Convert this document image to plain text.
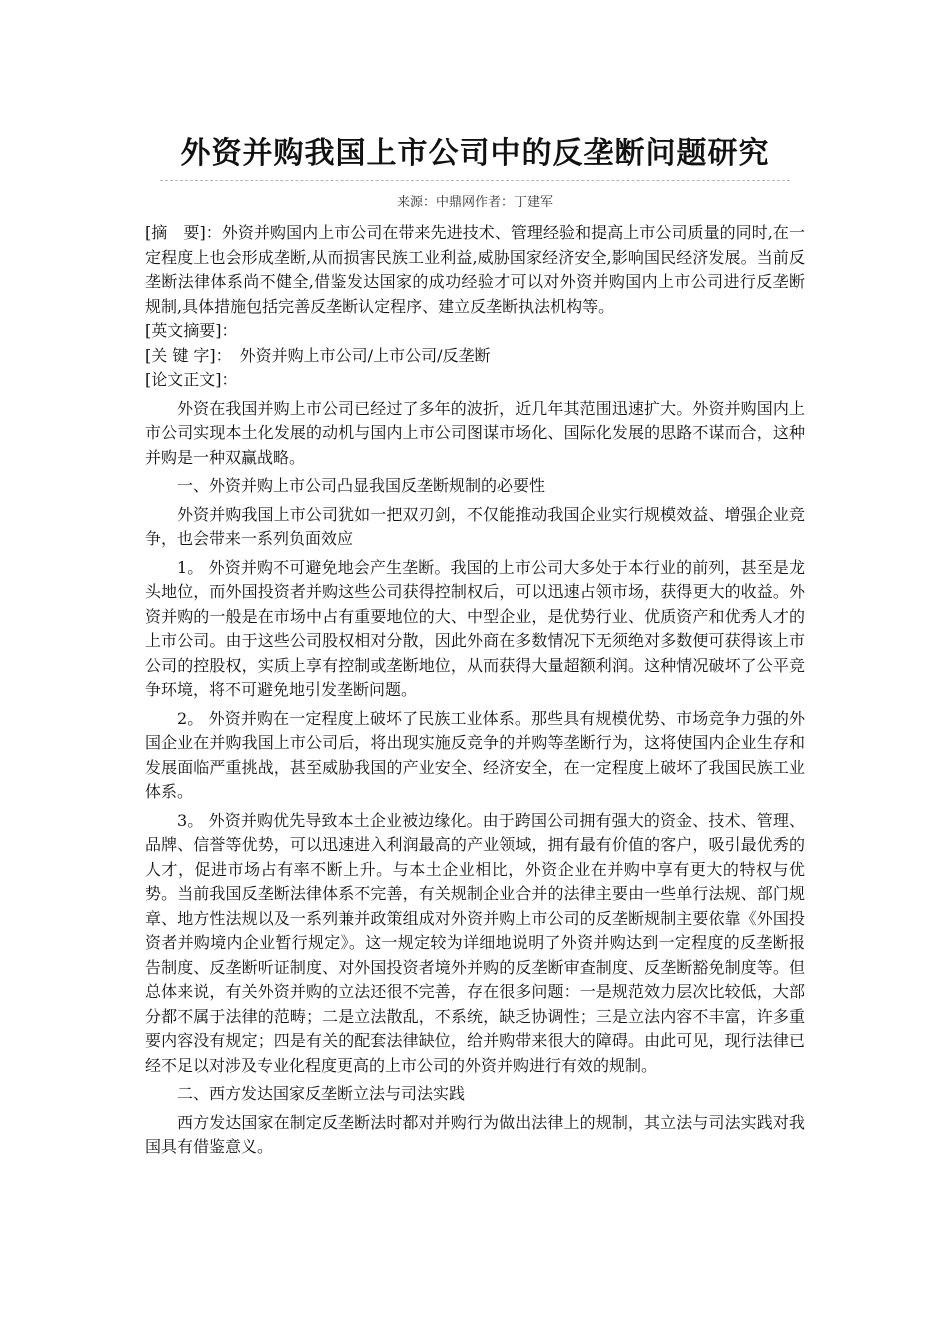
外资并购我国上市公司中的反垄断问题研究
来源：中鼎网作者：丁建军

[摘　要]：外资并购国内上市公司在带来先进技术、管理经验和提高上市公司质量的同时,在一定程度上也会形成垄断,从而损害民族工业利益,威胁国家经济安全,影响国民经济发展。当前反垄断法律体系尚不健全,借鉴发达国家的成功经验才可以对外资并购国内上市公司进行反垄断规制,具体措施包括完善反垄断认定程序、建立反垄断执法机构等。

[英文摘要]：

[关 键 字]：　外资并购上市公司/上市公司/反垄断

[论文正文]：

外资在我国并购上市公司已经过了多年的波折，近几年其范围迅速扩大。外资并购国内上市公司实现本土化发展的动机与国内上市公司图谋市场化、国际化发展的思路不谋而合，这种并购是一种双赢战略。

一、外资并购上市公司凸显我国反垄断规制的必要性

外资并购我国上市公司犹如一把双刃剑，不仅能推动我国企业实行规模效益、增强企业竞争，也会带来一系列负面效应

1。 外资并购不可避免地会产生垄断。我国的上市公司大多处于本行业的前列，甚至是龙头地位，而外国投资者并购这些公司获得控制权后，可以迅速占领市场，获得更大的收益。外资并购的一般是在市场中占有重要地位的大、中型企业，是优势行业、优质资产和优秀人才的上市公司。由于这些公司股权相对分散，因此外商在多数情况下无须绝对多数便可获得该上市公司的控股权，实质上享有控制或垄断地位，从而获得大量超额利润。这种情况破坏了公平竞争环境，将不可避免地引发垄断问题。

2。 外资并购在一定程度上破坏了民族工业体系。那些具有规模优势、市场竞争力强的外国企业在并购我国上市公司后，将出现实施反竞争的并购等垄断行为，这将使国内企业生存和发展面临严重挑战，甚至威胁我国的产业安全、经济安全，在一定程度上破坏了我国民族工业体系。

3。 外资并购优先导致本土企业被边缘化。由于跨国公司拥有强大的资金、技术、管理、品牌、信誉等优势，可以迅速进入利润最高的产业领域，拥有最有价值的客户，吸引最优秀的人才，促进市场占有率不断上升。与本土企业相比，外资企业在并购中享有更大的特权与优势。当前我国反垄断法律体系不完善，有关规制企业合并的法律主要由一些单行法规、部门规章、地方性法规以及一系列兼并政策组成对外资并购上市公司的反垄断规制主要依靠《外国投资者并购境内企业暂行规定》。这一规定较为详细地说明了外资并购达到一定程度的反垄断报告制度、反垄断听证制度、对外国投资者境外并购的反垄断审查制度、反垄断豁免制度等。但总体来说，有关外资并购的立法还很不完善，存在很多问题：一是规范效力层次比较低，大部分都不属于法律的范畴；二是立法散乱，不系统，缺乏协调性；三是立法内容不丰富，许多重要内容没有规定；四是有关的配套法律缺位，给并购带来很大的障碍。由此可见，现行法律已经不足以对涉及专业化程度更高的上市公司的外资并购进行有效的规制。

二、西方发达国家反垄断立法与司法实践

西方发达国家在制定反垄断法时都对并购行为做出法律上的规制，其立法与司法实践对我国具有借鉴意义。
